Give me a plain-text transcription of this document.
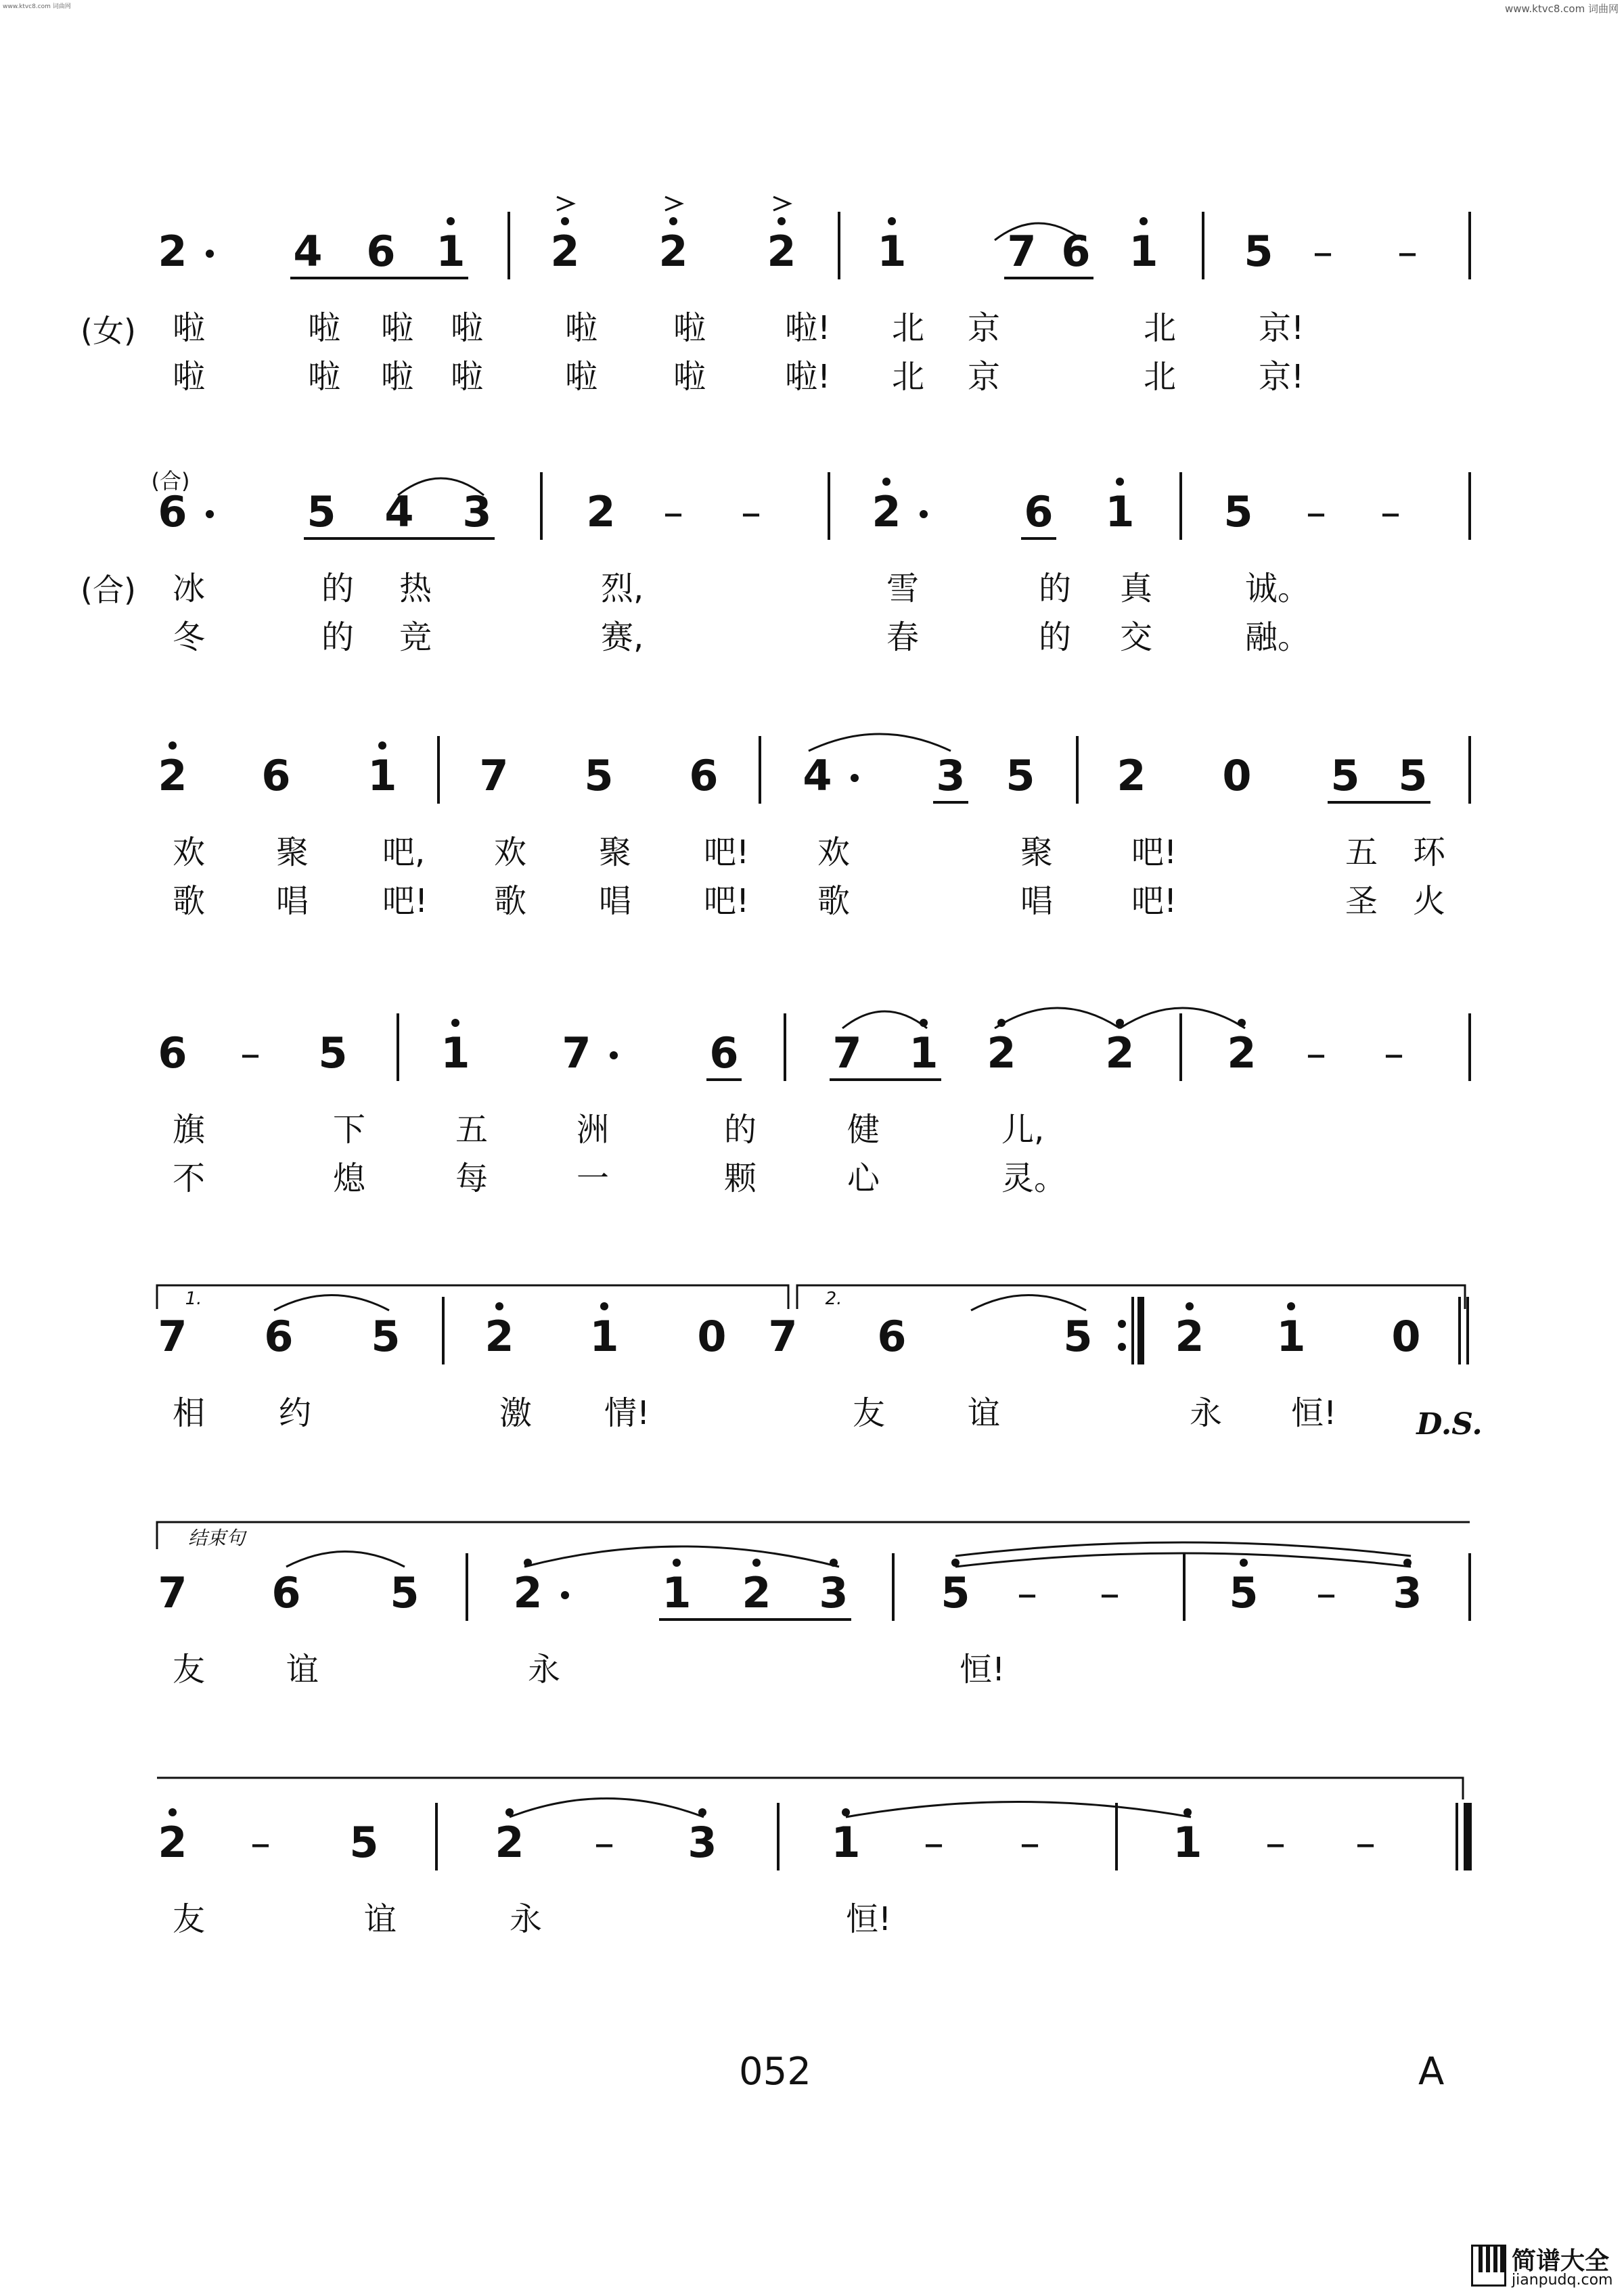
www.ktvc8.com 词曲网	www.ktvc8.com 词曲网
(女)
(合)
(合)
2	4 6 1 2 2 2 1 7 6 1 5 – –
啦	啦 啦 啦	啦 啦 啦! 北 京	北	京!
啦	啦 啦 啦	啦 啦 啦! 北 京	北	京!
6	5 4 3 2 – –	2	6 1 5 – –
冰	的 热	烈,	雪	的 真	诚。
冬	的 竞	赛,	春	的 交	融。
2 6 1 7 5 6 4 3 5 2 0 5 5
欢 聚 吧, 欢 聚 吧! 欢	聚 吧!	五 环
歌 唱 吧! 歌 唱 吧! 歌	唱 吧!	圣 火
6 – 5 1 7	6 7 1 2 2 2 – –
旗	下	五	洲	的	健	儿,
不	熄	每	一	颗	心	灵。
7 6 5 2 1 0 7 6	5 2 1 0
相 约	激 情!	友	谊	永 恒!
7 6 5 2	1 2 3 5 – –	5 – 3
友 谊	永	恒!
2 – 5	2 – 3	1 – –	1 – –
友	谊	永	恒!
1.	2.
结束句
D.S.
052	A
简谱大全
jianpudq.com
